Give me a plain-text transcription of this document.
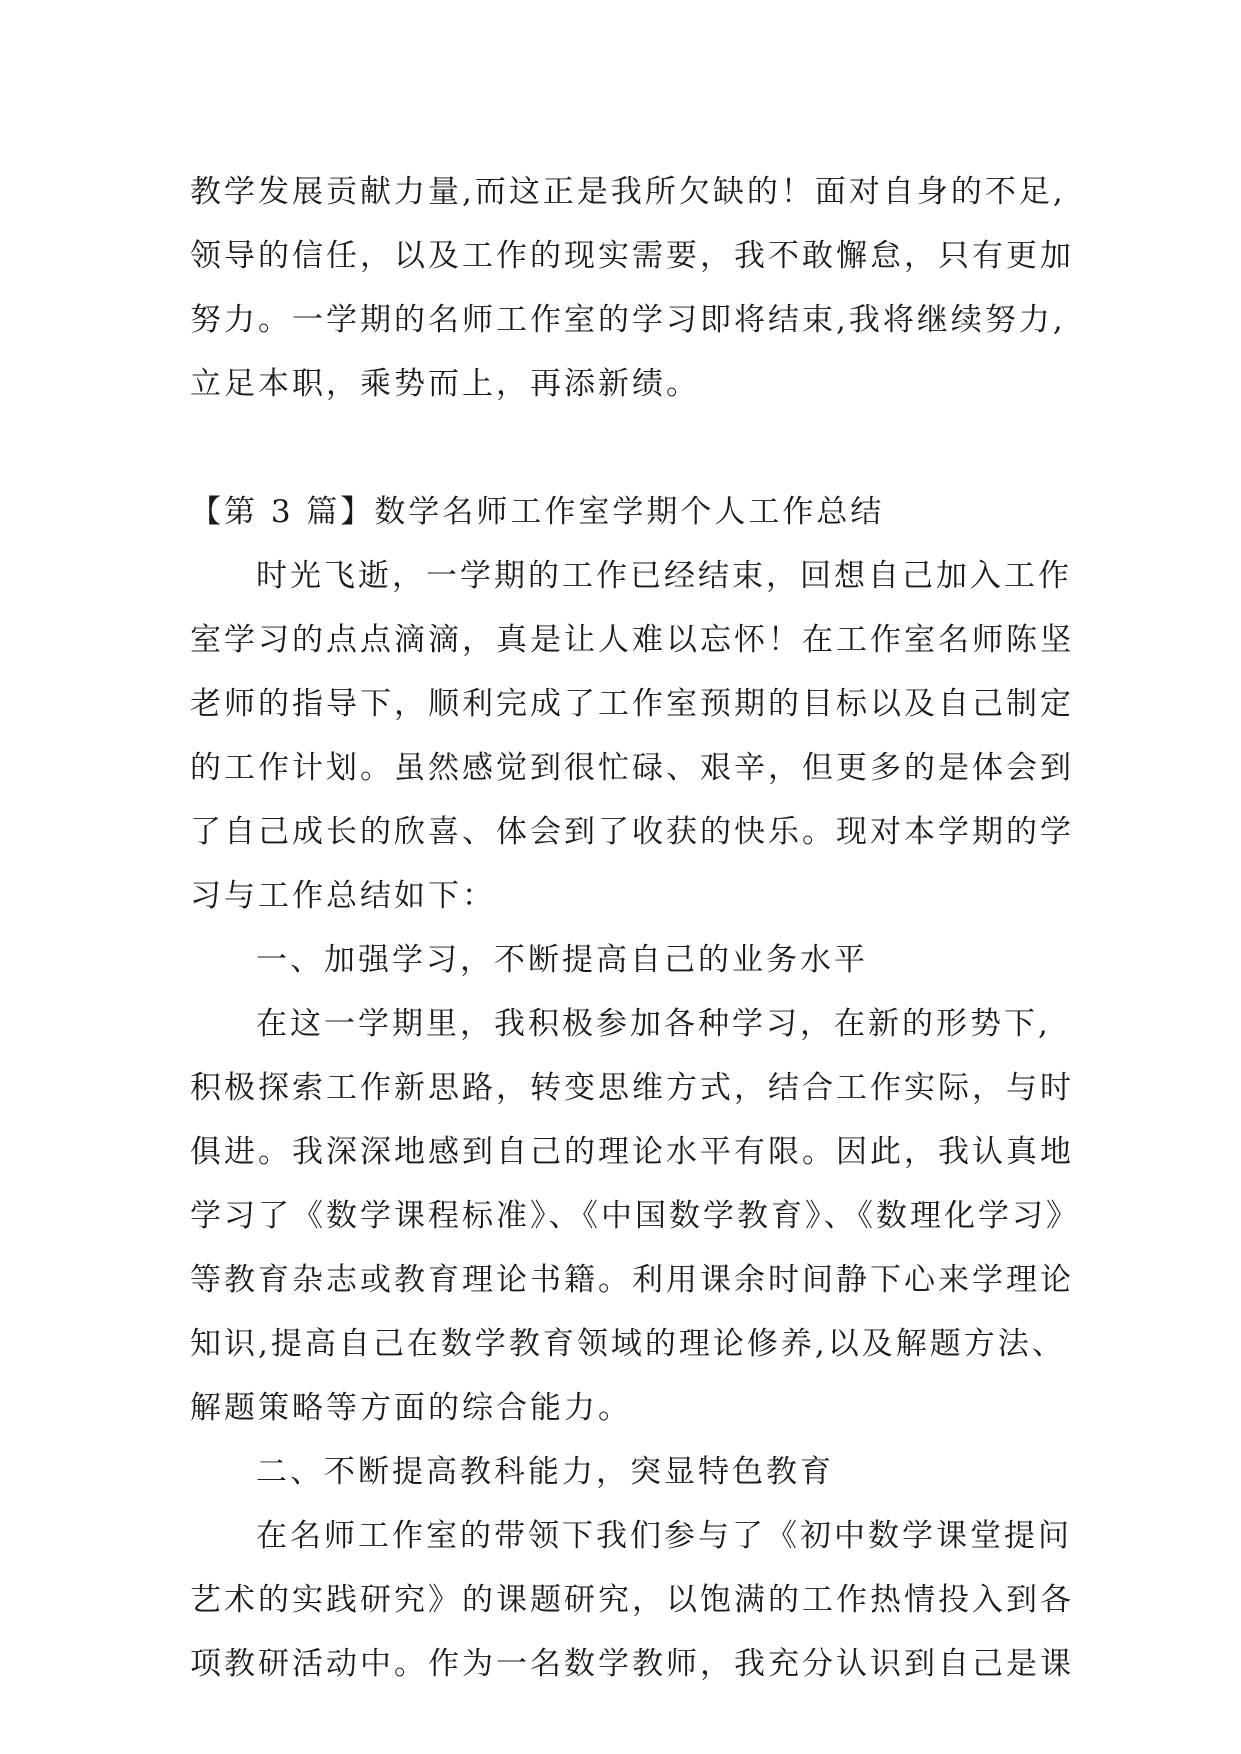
教学发展贡献力量,而这正是我所欠缺的！面对自身的不足,
领导的信任，以及工作的现实需要，我不敢懈怠，只有更加
努力。一学期的名师工作室的学习即将结束,我将继续努力,
立足本职，乘势而上，再添新绩。
【第 3 篇】数学名师工作室学期个人工作总结
时光飞逝，一学期的工作已经结束，回想自己加入工作
室学习的点点滴滴，真是让人难以忘怀！在工作室名师陈坚
老师的指导下，顺利完成了工作室预期的目标以及自己制定
的工作计划。虽然感觉到很忙碌、艰辛，但更多的是体会到
了自己成长的欣喜、体会到了收获的快乐。现对本学期的学
习与工作总结如下：
一、加强学习，不断提高自己的业务水平
在这一学期里，我积极参加各种学习，在新的形势下,
积极探索工作新思路，转变思维方式，结合工作实际，与时
俱进。我深深地感到自己的理论水平有限。因此，我认真地
学习了《数学课程标准》、《中国数学教育》、《数理化学习》
等教育杂志或教育理论书籍。利用课余时间静下心来学理论
知识,提高自己在数学教育领域的理论修养,以及解题方法、
解题策略等方面的综合能力。
二、不断提高教科能力，突显特色教育
在名师工作室的带领下我们参与了《初中数学课堂提问
艺术的实践研究》的课题研究，以饱满的工作热情投入到各
项教研活动中。作为一名数学教师，我充分认识到自己是课
